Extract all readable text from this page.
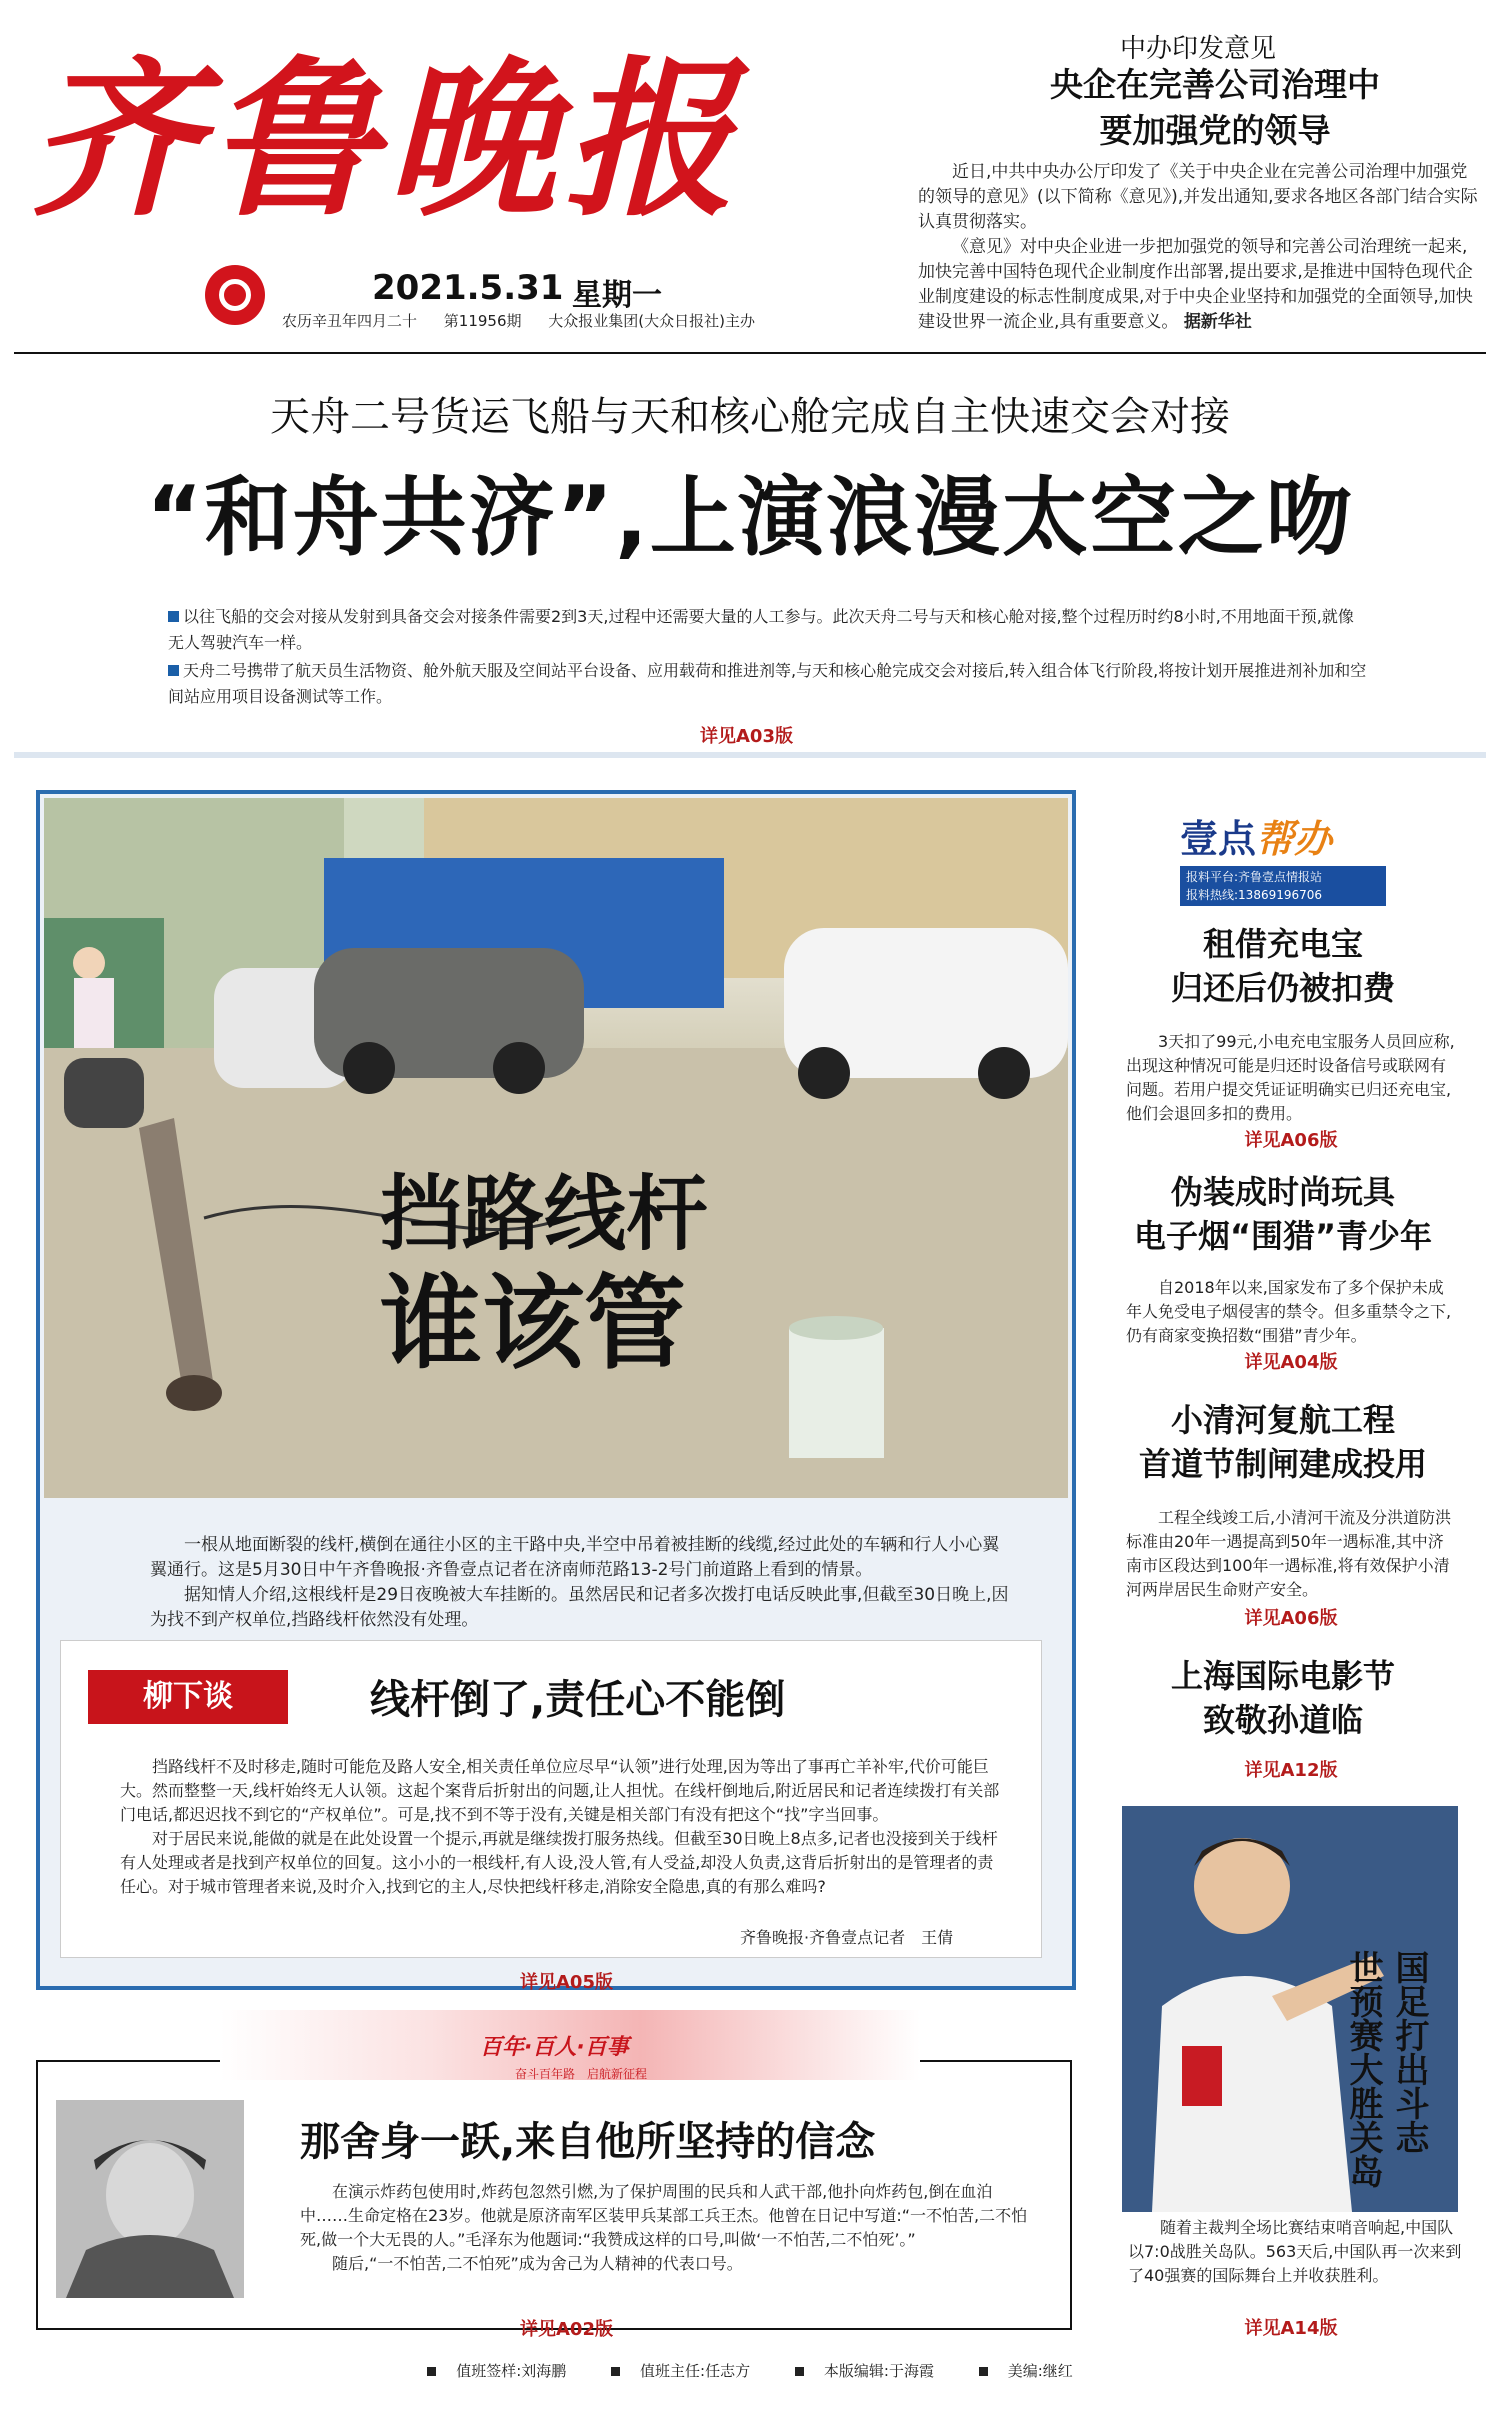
齐鲁晚报
2021.5.31 星期一
农历辛丑年四月二十 第11956期 大众报业集团(大众日报社)主办
中办印发意见
央企在完善公司治理中
要加强党的领导

近日,中共中央办公厅印发了《关于中央企业在完善公司治理中加强党的领导的意见》(以下简称《意见》),并发出通知,要求各地区各部门结合实际认真贯彻落实。

《意见》对中央企业进一步把加强党的领导和完善公司治理统一起来,加快完善中国特色现代企业制度作出部署,提出要求,是推进中国特色现代企业制度建设的标志性制度成果,对于中央企业坚持和加强党的全面领导,加快建设世界一流企业,具有重要意义。 据新华社

天舟二号货运飞船与天和核心舱完成自主快速交会对接
“和舟共济”,上演浪漫太空之吻

以往飞船的交会对接从发射到具备交会对接条件需要2到3天,过程中还需要大量的人工参与。此次天舟二号与天和核心舱对接,整个过程历时约8小时,不用地面干预,就像无人驾驶汽车一样。

天舟二号携带了航天员生活物资、舱外航天服及空间站平台设备、应用载荷和推进剂等,与天和核心舱完成交会对接后,转入组合体飞行阶段,将按计划开展推进剂补加和空间站应用项目设备测试等工作。

详见A03版
挡路线杆
谁该管

一根从地面断裂的线杆,横倒在通往小区的主干路中央,半空中吊着被挂断的线缆,经过此处的车辆和行人小心翼翼通行。这是5月30日中午齐鲁晚报·齐鲁壹点记者在济南师范路13-2号门前道路上看到的情景。

据知情人介绍,这根线杆是29日夜晚被大车挂断的。虽然居民和记者多次拨打电话反映此事,但截至30日晚上,因为找不到产权单位,挡路线杆依然没有处理。

柳下谈	线杆倒了,责任心不能倒

挡路线杆不及时移走,随时可能危及路人安全,相关责任单位应尽早“认领”进行处理,因为等出了事再亡羊补牢,代价可能巨大。然而整整一天,线杆始终无人认领。这起个案背后折射出的问题,让人担忧。在线杆倒地后,附近居民和记者连续拨打有关部门电话,都迟迟找不到它的“产权单位”。可是,找不到不等于没有,关键是相关部门有没有把这个“找”字当回事。

对于居民来说,能做的就是在此处设置一个提示,再就是继续拨打服务热线。但截至30日晚上8点多,记者也没接到关于线杆有人处理或者是找到产权单位的回复。这小小的一根线杆,有人设,没人管,有人受益,却没人负责,这背后折射出的是管理者的责任心。对于城市管理者来说,及时介入,找到它的主人,尽快把线杆移走,消除安全隐患,真的有那么难吗?

齐鲁晚报·齐鲁壹点记者　王倩
详见A05版
壹点帮办
报料平台:齐鲁壹点情报站
报料热线:13869196706
租借充电宝
归还后仍被扣费
3天扣了99元,小电充电宝服务人员回应称,出现这种情况可能是归还时设备信号或联网有问题。若用户提交凭证证明确实已归还充电宝,他们会退回多扣的费用。
详见A06版
伪装成时尚玩具
电子烟“围猎”青少年
自2018年以来,国家发布了多个保护未成年人免受电子烟侵害的禁令。但多重禁令之下,仍有商家变换招数“围猎”青少年。
详见A04版
小清河复航工程
首道节制闸建成投用
工程全线竣工后,小清河干流及分洪道防洪标准由20年一遇提高到50年一遇标准,其中济南市区段达到100年一遇标准,将有效保护小清河两岸居民生命财产安全。
详见A06版
上海国际电影节
致敬孙道临
详见A12版
国足打出斗志
世预赛大胜关岛
随着主裁判全场比赛结束哨音响起,中国队以7:0战胜关岛队。563天后,中国队再一次来到了40强赛的国际舞台上并收获胜利。
详见A14版
百年·百人·百事
奋斗百年路　启航新征程
那舍身一跃,来自他所坚持的信念

在演示炸药包使用时,炸药包忽然引燃,为了保护周围的民兵和人武干部,他扑向炸药包,倒在血泊中……生命定格在23岁。他就是原济南军区装甲兵某部工兵王杰。他曾在日记中写道:“一不怕苦,二不怕死,做一个大无畏的人。”毛泽东为他题词:“我赞成这样的口号,叫做‘一不怕苦,二不怕死’。”

随后,“一不怕苦,二不怕死”成为舍己为人精神的代表口号。

详见A02版
值班签样:刘海鹏	值班主任:任志方	本版编辑:于海霞	美编:继红
